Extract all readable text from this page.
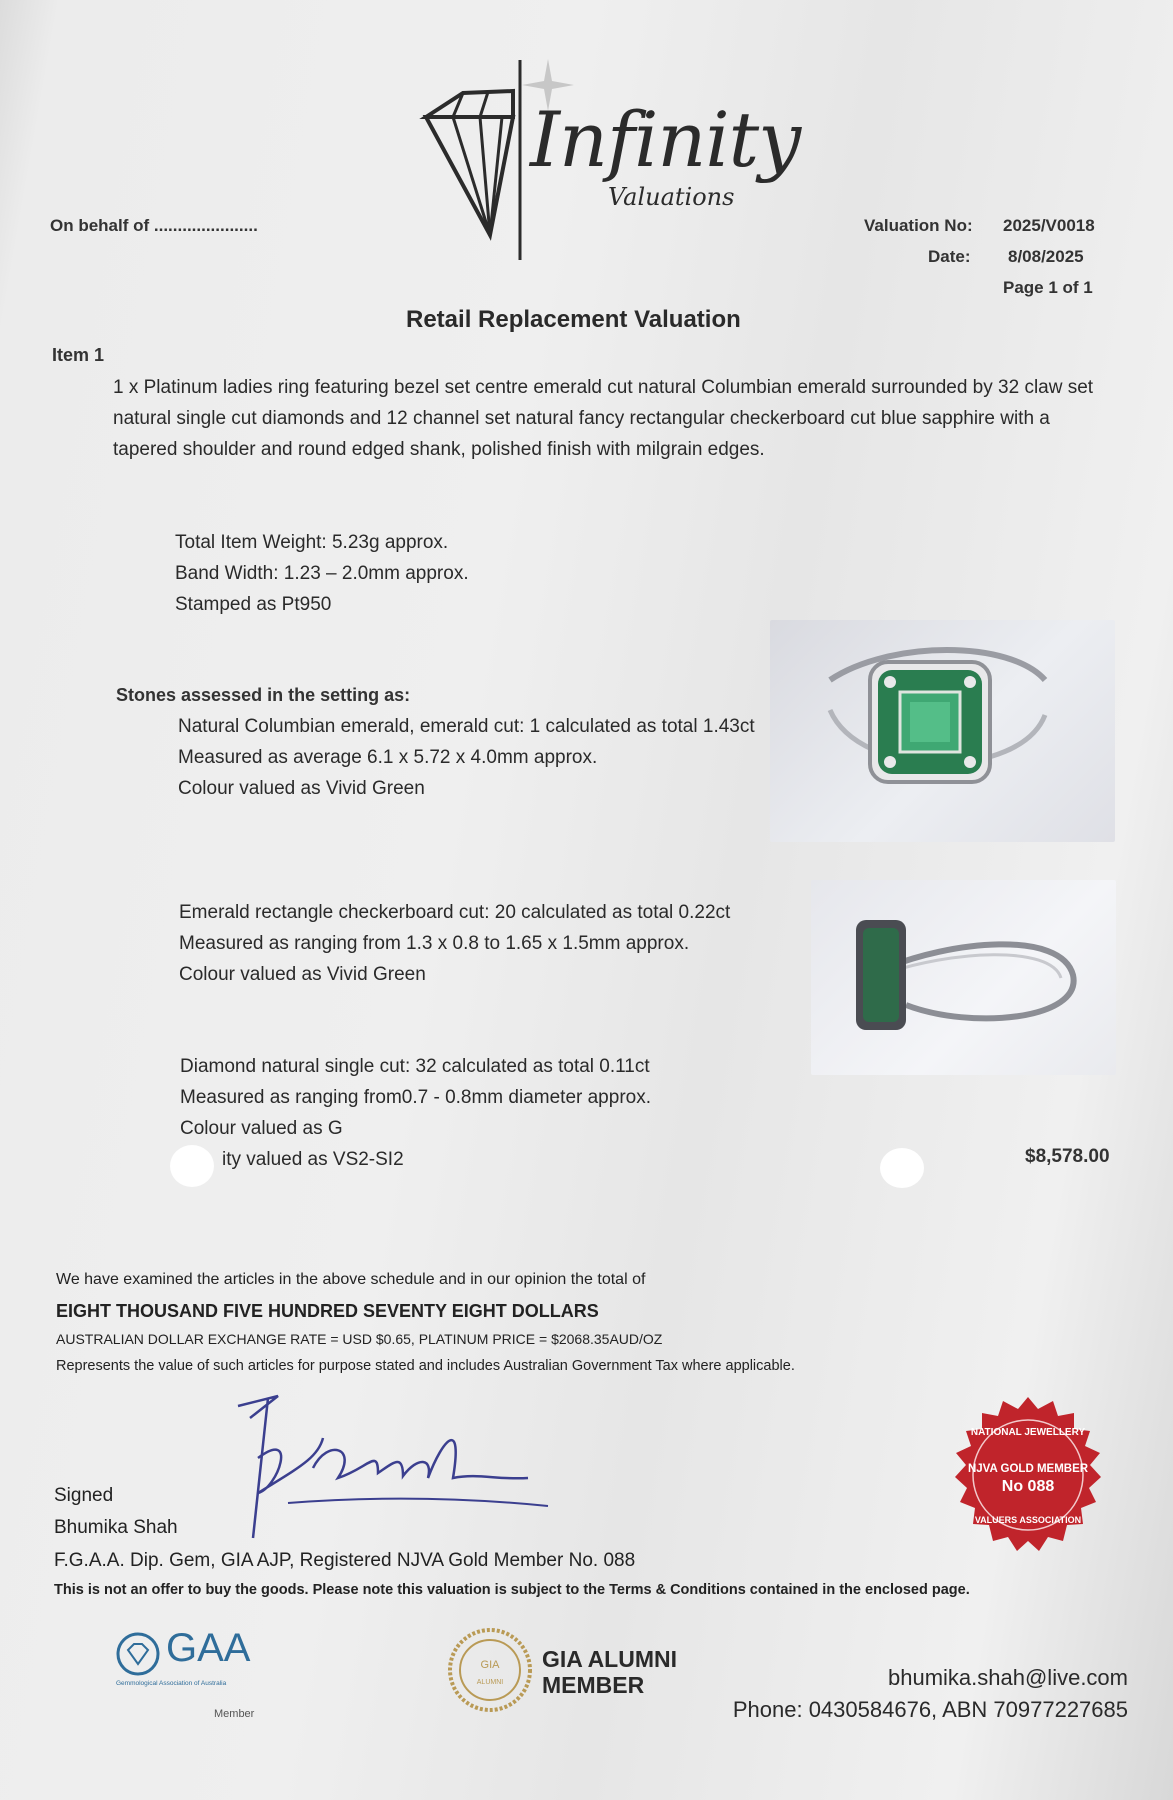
Infinity
Valuations
On behalf of ......................	Valuation No: 2025/V0018
Date: 8/08/2025
Page 1 of 1
Retail Replacement Valuation
Item 1
1 x Platinum ladies ring featuring bezel set centre emerald cut natural Columbian emerald surrounded by 32 claw set natural single cut diamonds and 12 channel set natural fancy rectangular checkerboard cut blue sapphire with a tapered shoulder and round edged shank, polished finish with milgrain edges.
Total Item Weight: 5.23g approx.
Band Width: 1.23 – 2.0mm approx.
Stamped as Pt950
Stones assessed in the setting as:
Natural Columbian emerald, emerald cut: 1 calculated as total 1.43ct
Measured as average 6.1 x 5.72 x 4.0mm approx.
Colour valued as Vivid Green
Emerald rectangle checkerboard cut: 20 calculated as total 0.22ct
Measured as ranging from 1.3 x 0.8 to 1.65 x 1.5mm approx.
Colour valued as Vivid Green
Diamond natural single cut: 32 calculated as total 0.11ct
Measured as ranging from0.7 - 0.8mm diameter approx.
Colour valued as G
ity valued as VS2-SI2	$8,578.00
We have examined the articles in the above schedule and in our opinion the total of
EIGHT THOUSAND FIVE HUNDRED SEVENTY EIGHT DOLLARS
AUSTRALIAN DOLLAR EXCHANGE RATE = USD $0.65, PLATINUM PRICE = $2068.35AUD/OZ
Represents the value of such articles for purpose stated and includes Australian Government Tax where applicable.
Signed
Bhumika Shah
F.G.A.A. Dip. Gem, GIA AJP, Registered NJVA Gold Member No. 088
This is not an offer to buy the goods. Please note this valuation is subject to the Terms & Conditions contained in the enclosed page.
NATIONAL JEWELLERY
NJVA GOLD MEMBER
No 088
VALUERS ASSOCIATION
GAA
Gemmological Association of Australia
Member
GIA
ALUMNI
GIA ALUMNI
MEMBER	bhumika.shah@live.com
Phone: 0430584676, ABN 70977227685
